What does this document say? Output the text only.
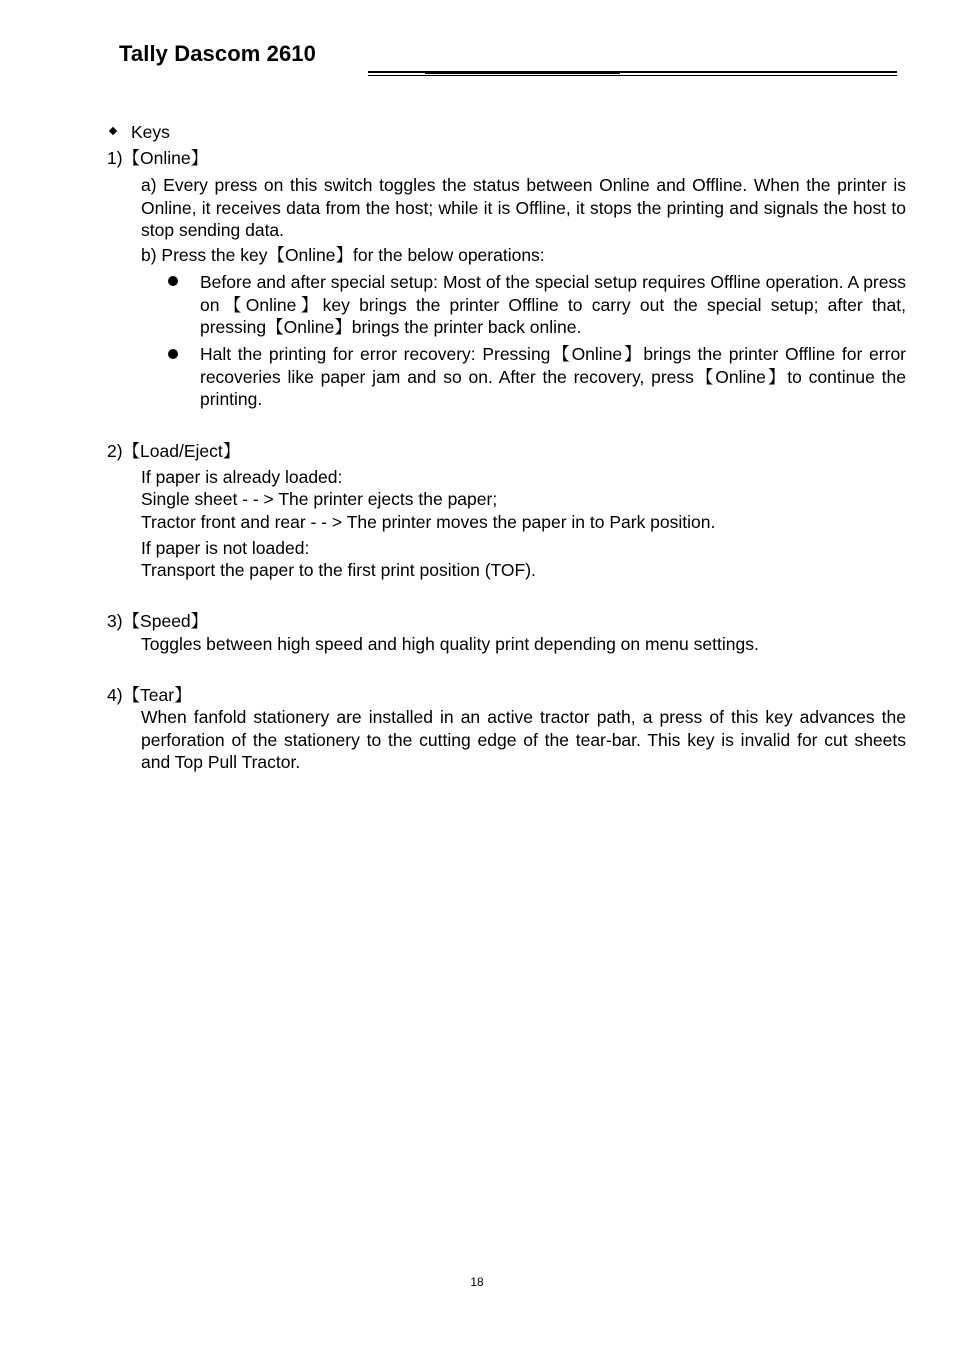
Tally Dascom 2610
Keys
1)【Online】
a) Every press on this switch toggles the status between Online and Offline. When the printer is Online, it receives data from the host; while it is Offline, it stops the printing and signals the host to stop sending data.
b) Press the key【Online】for the below operations:
Before and after special setup: Most of the special setup requires Offline operation. A press on【Online】key brings the printer Offline to carry out the special setup; after that, pressing【Online】brings the printer back online.
Halt the printing for error recovery: Pressing【Online】brings the printer Offline for error recoveries like paper jam and so on. After the recovery, press【Online】to continue the printing.
2)【Load/Eject】
If paper is already loaded:
Single sheet - - > The printer ejects the paper;
Tractor front and rear - - > The printer moves the paper in to Park position.
If paper is not loaded:
Transport the paper to the first print position (TOF).
3)【Speed】
Toggles between high speed and high quality print depending on menu settings.
4)【Tear】
When fanfold stationery are installed in an active tractor path, a press of this key advances the perforation of the stationery to the cutting edge of the tear-bar. This key is invalid for cut sheets and Top Pull Tractor.
18
